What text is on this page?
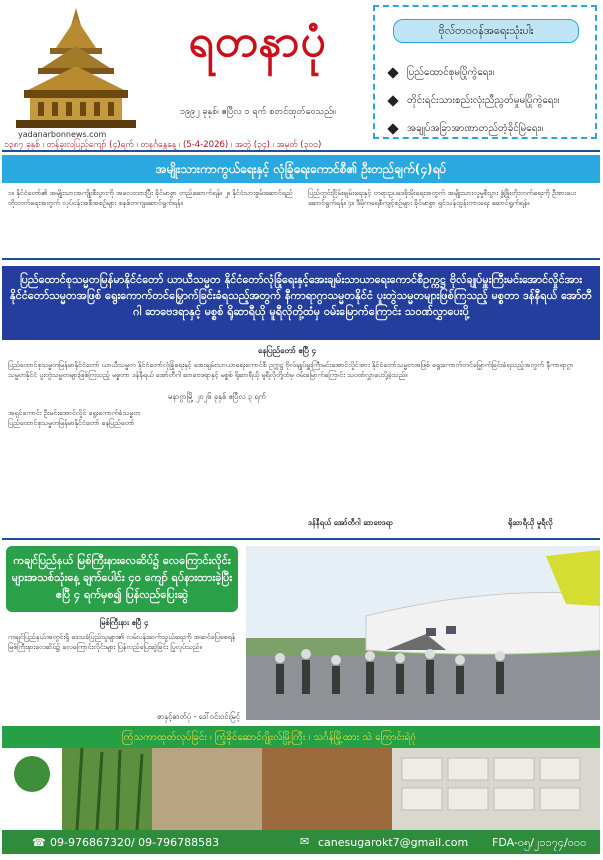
yadanarbonnews.com
ရတနာပုံ
၁၉၉၂ ခုနှစ်၊ ဧပြီလ ၁ ရက် စတင်ထုတ်ဝေသည်။
၁၃၈၇ ခုနှစ် ၊ တန်ခူးလပြည့်ကျော် (၄)ရက် ၊ တနင်္ဂနွေနေ့ ၊ (5-4-2026) ၊ အတွဲ (၃၄) ၊ အမှတ် (၃၀၀)
ဗိုလ်တဝဝန်အရေးသုံးပါး
ပြည်ထောင်စုမပြိုကွဲရေး။
တိုင်းရင်းသားစည်းလုံးညီညွတ်မှုမပြိုကွဲရေး။
အချုပ်အခြာအာဏာတည်တံ့ခိုင်မြဲရေး။
အမျိုးသားကာကွယ်ရေးနှင့် လုံခြုံရေးကောင်စီ၏ ဦးတည်ချက်(၄)ရပ်
၁။ နိုင်ငံတော်၏ အမျိုးသားအကျိုးစီးပွားကို အလေးထားပြီး ခိုင်မာစွာ တည်ဆောက်ရန်။ ၂။ နိုင်ငံသားစွမ်းဆောင်ရည်တိုးတက်ရေးအတွက် လုပ်ငန်းအစီအစဉ်များ စနစ်တကျဆောင်ရွက်ရန်။
ပြည်တွင်းငြိမ်းချမ်းရေးနှင့် တရားဥပဒေစိုးမိုးရေးအတွက် အမျိုးသားလူမှုစီးပွား ဖွံ့ဖြိုးတိုးတက်ရေးကို ဦးစားပေးဆောင်ရွက်ရန်။ ၄။ ဒီမိုကရေစီကျင့်စဉ်များ ခိုင်မာစွာ ရှင်သန်ထွန်းကားရေး ဆောင်ရွက်ရန်။
ပြည်ထောင်စုသမ္မတမြန်မာနိုင်ငံတော် ယာယီသမ္မတ နိုင်ငံတော်လုံခြုံရေးနှင့်အေးချမ်းသာယာရေးကောင်စီဥက္ကဋ္ဌ ဗိုလ်ချုပ်မှူးကြီးမင်းအောင်လှိုင်အား နိုင်ငံတော်သမ္မတအဖြစ် ရွေးကောက်တင်မြှောက်ခြင်းခံရသည့်အတွက် နီကာရာဂွာသမ္မတနိုင်ငံ ပူးတွဲသမ္မတများဖြစ်ကြသည့် မစ္စတာ ဒန်နီရယ် အော်တီဂါ ဆာဗေဒရာနှင့် မစ္စစ် ရိုဆာရီယို မူရီလိုတို့ထံမှ ဝမ်းမြောက်ကြောင်း သဝဏ်လွှာပေးပို့
နေပြည်တော် ဧပြီ ၄
ပြည်ထောင်စုသမ္မတမြန်မာနိုင်ငံတော် ယာယီသမ္မတ နိုင်ငံတော်လုံခြုံရေးနှင့် အေးချမ်းသာယာရေးကောင်စီ ဥက္ကဋ္ဌ ဗိုလ်ချုပ်မှူးကြီးမင်းအောင်လှိုင်အား နိုင်ငံတော်သမ္မတအဖြစ် ရွေးကောက်တင်မြှောက်ခြင်းခံရသည့်အတွက် နီကာရာဂွာသမ္မတနိုင်ငံ ပူးတွဲသမ္မတများဖြစ်ကြသည့် မစ္စတာ ဒန်နီရယ် အော်တီဂါ ဆာဗေဒရာနှင့် မစ္စစ် ရိုဆာရီယို မူရီလိုတို့ထံမှ ဝမ်းမြောက်ကြောင်း သဝဏ်လွှာပေးပို့ခဲ့သည်။
မနာဂွာမြို့ ၂၀၂၆ ခုနှစ် ဧပြီလ ၃ ရက်
အရှင်ကောင်း ဦးမင်းအောင်လှိုင် ရွေးကောက်ခံသမ္မတ ပြည်ထောင်စုသမ္မတမြန်မာနိုင်ငံတော် နေပြည်တော်
ဒန်နီရယ် အော်တီဂါ ဆာဗေဒရာ	ရိုဆာရီယို မူရီလို
ကချင်ပြည်နယ် မြစ်ကြီးနားလေဆိပ်၌ လေကြောင်းလိုင်းများအသစ်သုံးနေ့ ချက်ပေါင်း ၄၀ ကျော် ရပ်နားထားခဲ့ပြီး ဧပြီ ၄ ရက်မှစ၍ ပြန်လည်ပြေးဆွဲ
မြစ်ကြီးနား ဧပြီ ၄
ကချင်ပြည်နယ်အတွင်းရှိ ဒေသခံပြည်သူများ၏ လမ်းပန်းဆက်သွယ်ရေးကို အဆင်ပြေစေရန် မြစ်ကြီးနားလေဆိပ်၌ လေကြောင်းလိုင်းများ ပြန်လည်ပြေးဆွဲခြင်း ပြုလုပ်သည်။
စာနှင့်ဓာတ်ပုံ - ဒေါ်ဝင်းဝင်းမြင့်
ကြံသကာထုတ်လုပ်ခြင်း ၊ ကြံ့ခိုင်ဆောင်ဂျိုးလ်မြို့ကြီး ၊ သင်္ဂန်မြို့ထား သဲ ကြောင်းရဲဂုံ
☎ 09-976867320/ 09-796788583	✉ canesugarokt7@gmail.com FDA-၀၅/၂၁၁၇၄/၀၀၀
